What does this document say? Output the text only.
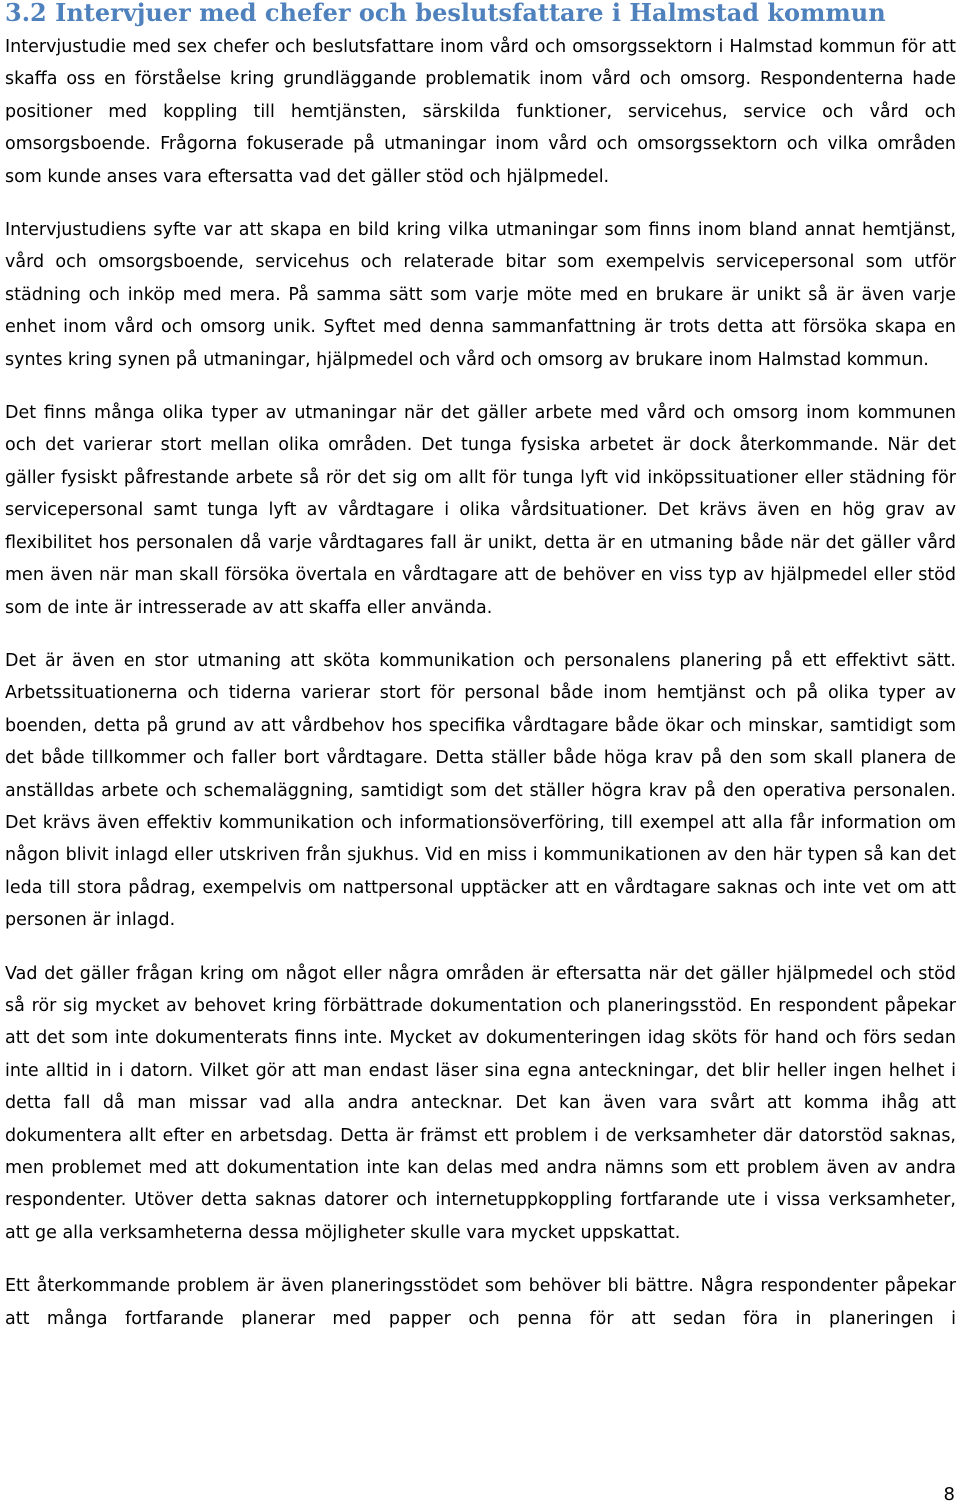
3.2 Intervjuer med chefer och beslutsfattare i Halmstad kommun

Intervjustudie med sex chefer och beslutsfattare inom vård och omsorgssektorn i Halmstad kommun för att skaffa oss en förståelse kring grundläggande problematik inom vård och omsorg. Respondenterna hade positioner med koppling till hemtjänsten, särskilda funktioner, servicehus, service och vård och omsorgsboende. Frågorna fokuserade på utmaningar inom vård och omsorgssektorn och vilka områden som kunde anses vara eftersatta vad det gäller stöd och hjälpmedel.

Intervjustudiens syfte var att skapa en bild kring vilka utmaningar som finns inom bland annat hemtjänst, vård och omsorgsboende, servicehus och relaterade bitar som exempelvis servicepersonal som utför städning och inköp med mera. På samma sätt som varje möte med en brukare är unikt så är även varje enhet inom vård och omsorg unik. Syftet med denna sammanfattning är trots detta att försöka skapa en syntes kring synen på utmaningar, hjälpmedel och vård och omsorg av brukare inom Halmstad kommun.

Det finns många olika typer av utmaningar när det gäller arbete med vård och omsorg inom kommunen och det varierar stort mellan olika områden. Det tunga fysiska arbetet är dock återkommande. När det gäller fysiskt påfrestande arbete så rör det sig om allt för tunga lyft vid inköpssituationer eller städning för servicepersonal samt tunga lyft av vårdtagare i olika vårdsituationer. Det krävs även en hög grav av flexibilitet hos personalen då varje vårdtagares fall är unikt, detta är en utmaning både när det gäller vård men även när man skall försöka övertala en vårdtagare att de behöver en viss typ av hjälpmedel eller stöd som de inte är intresserade av att skaffa eller använda.

Det är även en stor utmaning att sköta kommunikation och personalens planering på ett effektivt sätt. Arbetssituationerna och tiderna varierar stort för personal både inom hemtjänst och på olika typer av boenden, detta på grund av att vårdbehov hos specifika vårdtagare både ökar och minskar, samtidigt som det både tillkommer och faller bort vårdtagare. Detta ställer både höga krav på den som skall planera de anställdas arbete och schemaläggning, samtidigt som det ställer högra krav på den operativa personalen. Det krävs även effektiv kommunikation och informationsöverföring, till exempel att alla får information om någon blivit inlagd eller utskriven från sjukhus. Vid en miss i kommunikationen av den här typen så kan det leda till stora pådrag, exempelvis om nattpersonal upptäcker att en vårdtagare saknas och inte vet om att personen är inlagd.

Vad det gäller frågan kring om något eller några områden är eftersatta när det gäller hjälpmedel och stöd så rör sig mycket av behovet kring förbättrade dokumentation och planeringsstöd. En respondent påpekar att det som inte dokumenterats finns inte. Mycket av dokumenteringen idag sköts för hand och förs sedan inte alltid in i datorn. Vilket gör att man endast läser sina egna anteckningar, det blir heller ingen helhet i detta fall då man missar vad alla andra antecknar. Det kan även vara svårt att komma ihåg att dokumentera allt efter en arbetsdag. Detta är främst ett problem i de verksamheter där datorstöd saknas, men problemet med att dokumentation inte kan delas med andra nämns som ett problem även av andra respondenter. Utöver detta saknas datorer och internetuppkoppling fortfarande ute i vissa verksamheter, att ge alla verksamheterna dessa möjligheter skulle vara mycket uppskattat.

Ett återkommande problem är även planeringsstödet som behöver bli bättre. Några respondenter påpekar att många fortfarande planerar med papper och penna för att sedan föra in planeringen i

8
